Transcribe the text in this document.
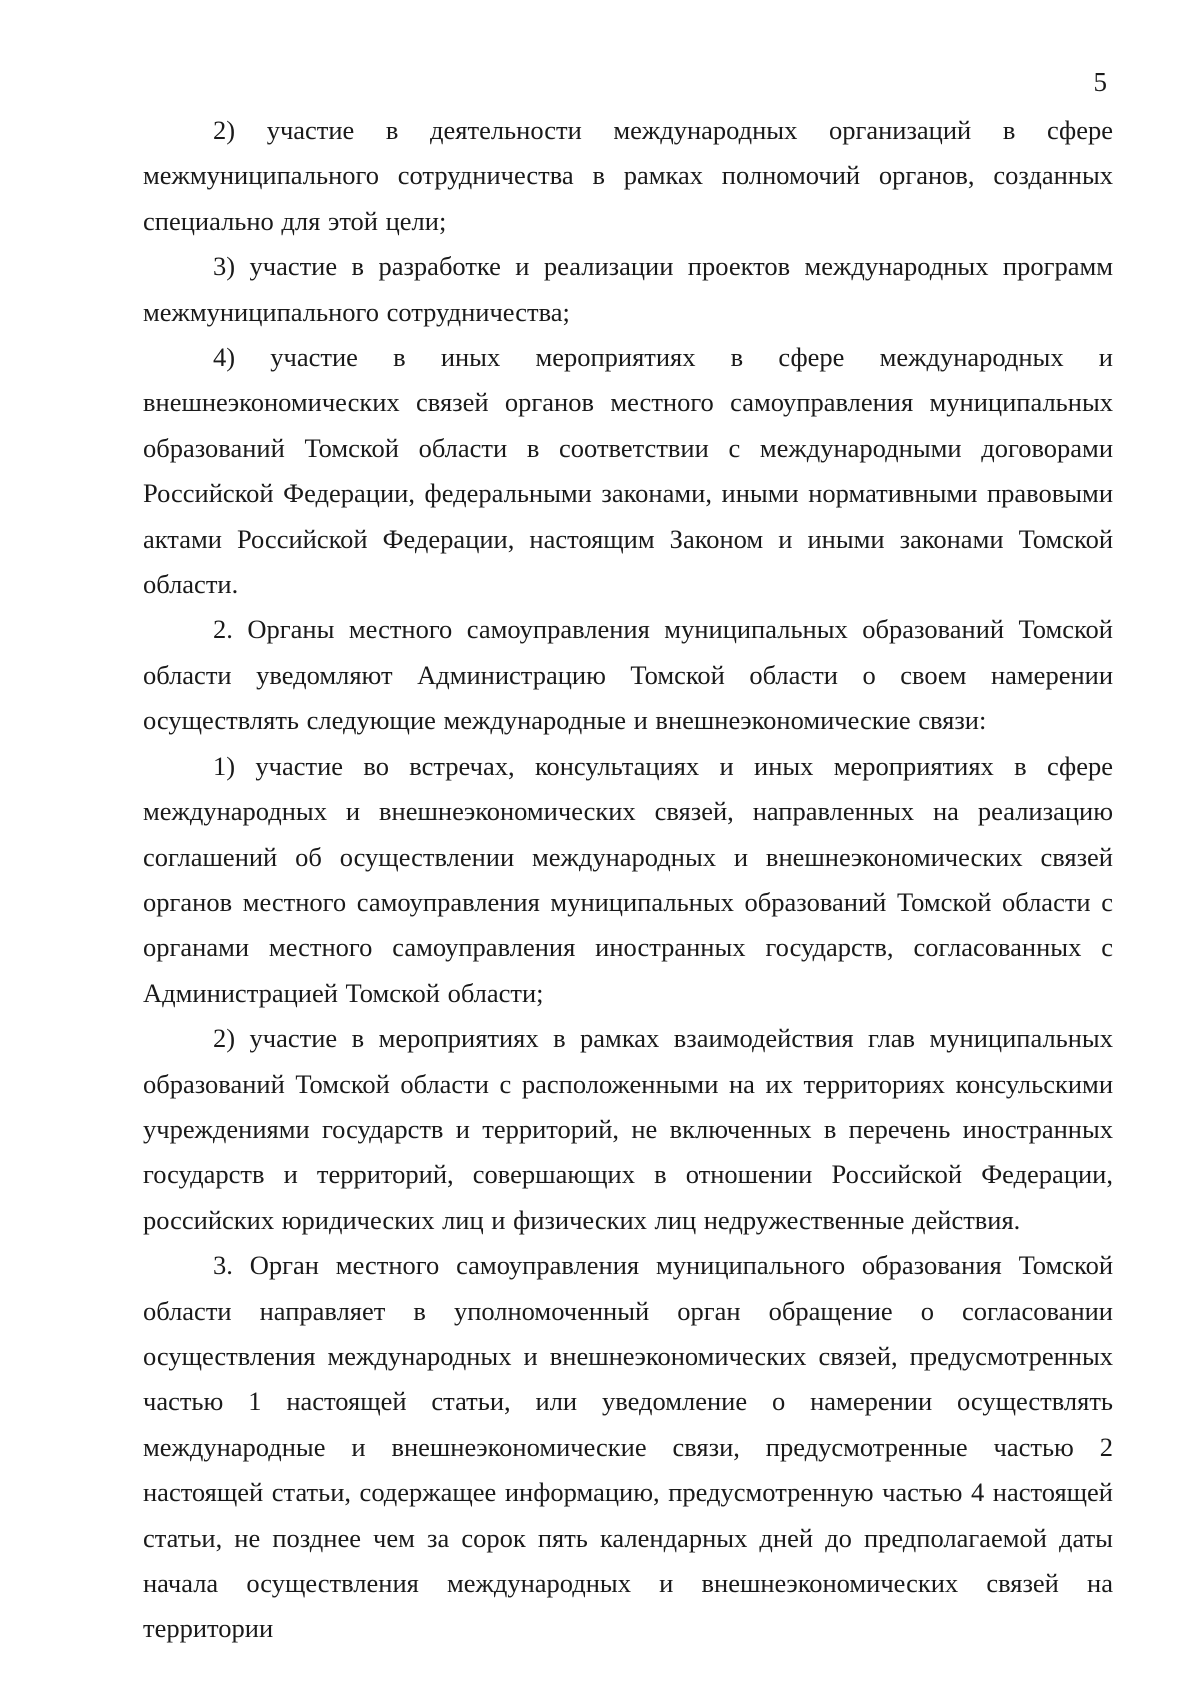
5

2) участие в деятельности международных организаций в сфере межмуниципального сотрудничества в рамках полномочий органов, созданных специально для этой цели;

3) участие в разработке и реализации проектов международных программ межмуниципального сотрудничества;

4) участие в иных мероприятиях в сфере международных и внешнеэкономических связей органов местного самоуправления муниципальных образований Томской области в соответствии с международными договорами Российской Федерации, федеральными законами, иными нормативными правовыми актами Российской Федерации, настоящим Законом и иными законами Томской области.

2. Органы местного самоуправления муниципальных образований Томской области уведомляют Администрацию Томской области о своем намерении осуществлять следующие международные и внешнеэкономические связи:

1) участие во встречах, консультациях и иных мероприятиях в сфере международных и внешнеэкономических связей, направленных на реализацию соглашений об осуществлении международных и внешнеэкономических связей органов местного самоуправления муниципальных образований Томской области с органами местного самоуправления иностранных государств, согласованных с Администрацией Томской области;

2) участие в мероприятиях в рамках взаимодействия глав муниципальных образований Томской области с расположенными на их территориях консульскими учреждениями государств и территорий, не включенных в перечень иностранных государств и территорий, совершающих в отношении Российской Федерации, российских юридических лиц и физических лиц недружественные действия.

3. Орган местного самоуправления муниципального образования Томской области направляет в уполномоченный орган обращение о согласовании осуществления международных и внешнеэкономических связей, предусмотренных частью 1 настоящей статьи, или уведомление о намерении осуществлять международные и внешнеэкономические связи, предусмотренные частью 2 настоящей статьи, содержащее информацию, предусмотренную частью 4 настоящей статьи, не позднее чем за сорок пять календарных дней до предполагаемой даты начала осуществления международных и внешнеэкономических связей на территории
